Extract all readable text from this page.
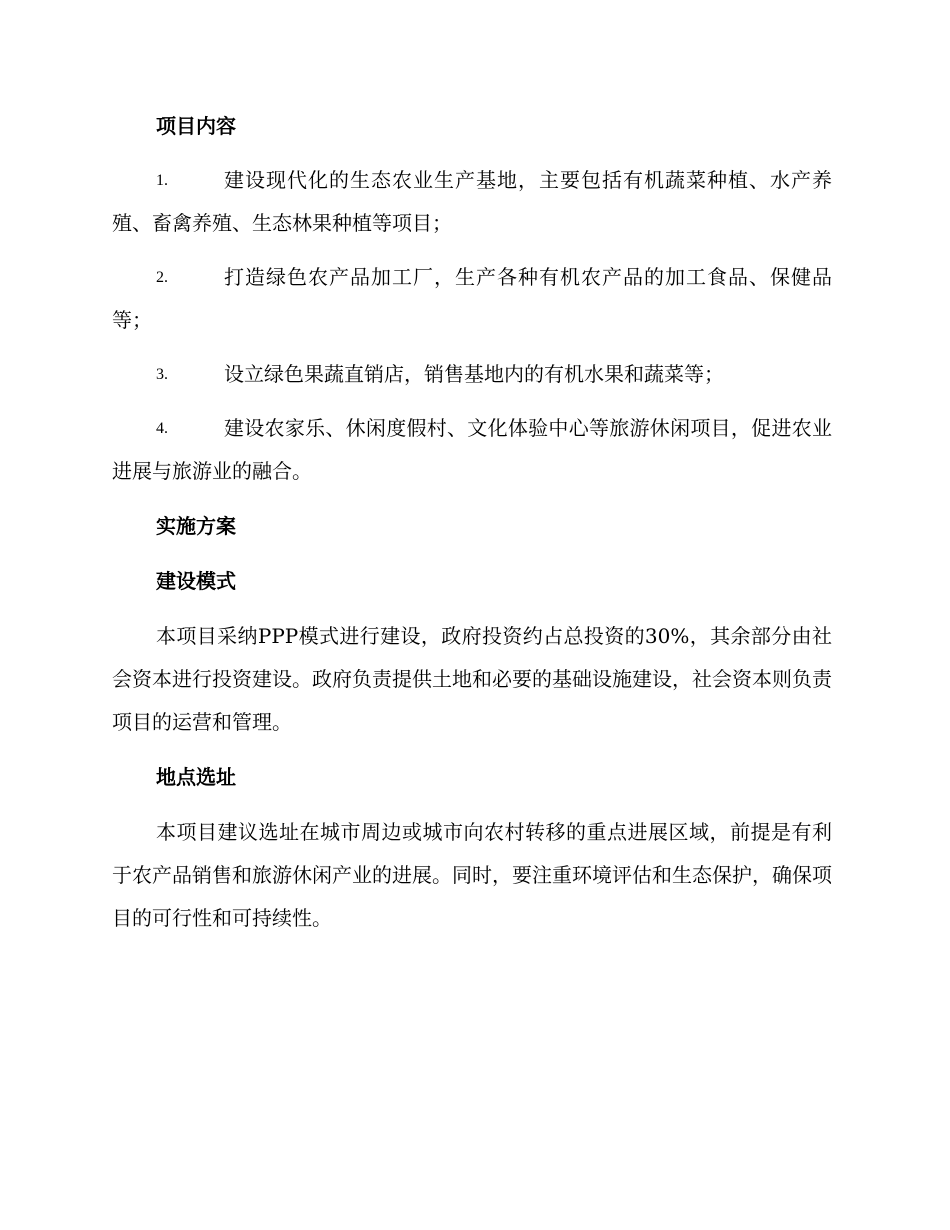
项目内容
1.	建设现代化的生态农业生产基地，主要包括有机蔬菜种植、水产养殖、畜禽养殖、生态林果种植等项目；
2.	打造绿色农产品加工厂，生产各种有机农产品的加工食品、保健品等；
3.	设立绿色果蔬直销店，销售基地内的有机水果和蔬菜等；
4.	建设农家乐、休闲度假村、文化体验中心等旅游休闲项目，促进农业进展与旅游业的融合。
实施方案
建设模式

本项目采纳PPP模式进行建设，政府投资约占总投资的30%，其余部分由社会资本进行投资建设。政府负责提供土地和必要的基础设施建设，社会资本则负责项目的运营和管理。

地点选址

本项目建议选址在城市周边或城市向农村转移的重点进展区域，前提是有利于农产品销售和旅游休闲产业的进展。同时，要注重环境评估和生态保护，确保项目的可行性和可持续性。
